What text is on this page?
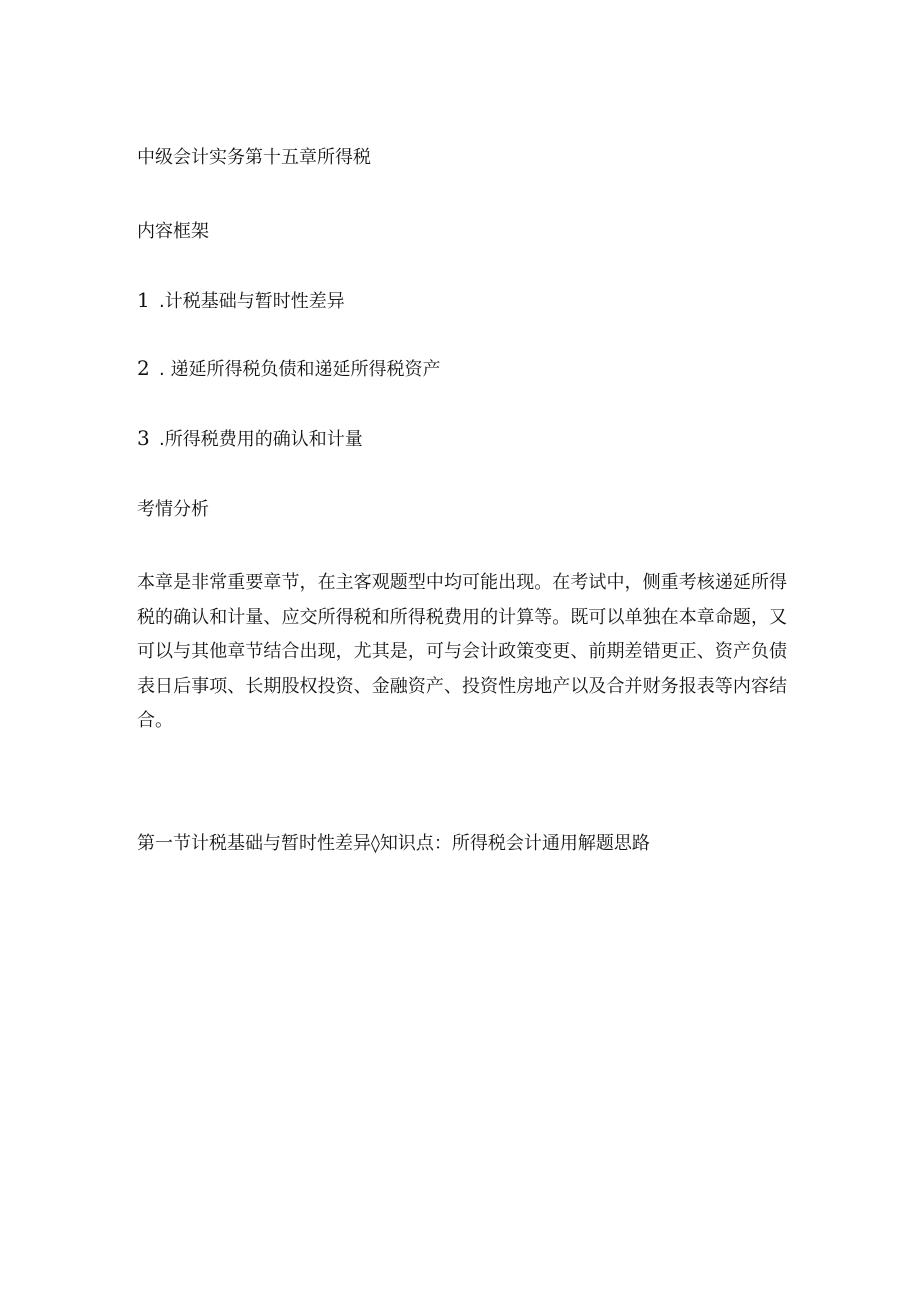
中级会计实务第十五章所得税
内容框架
1 .计税基础与暂时性差异
2 . 递延所得税负债和递延所得税资产
3 .所得税费用的确认和计量
考情分析
本章是非常重要章节，在主客观题型中均可能出现。在考试中，侧重考核递延所得税的确认和计量、应交所得税和所得税费用的计算等。既可以单独在本章命题，又可以与其他章节结合出现，尤其是，可与会计政策变更、前期差错更正、资产负债表日后事项、长期股权投资、金融资产、投资性房地产以及合并财务报表等内容结合。
第一节计税基础与暂时性差异◊知识点：所得税会计通用解题思路
